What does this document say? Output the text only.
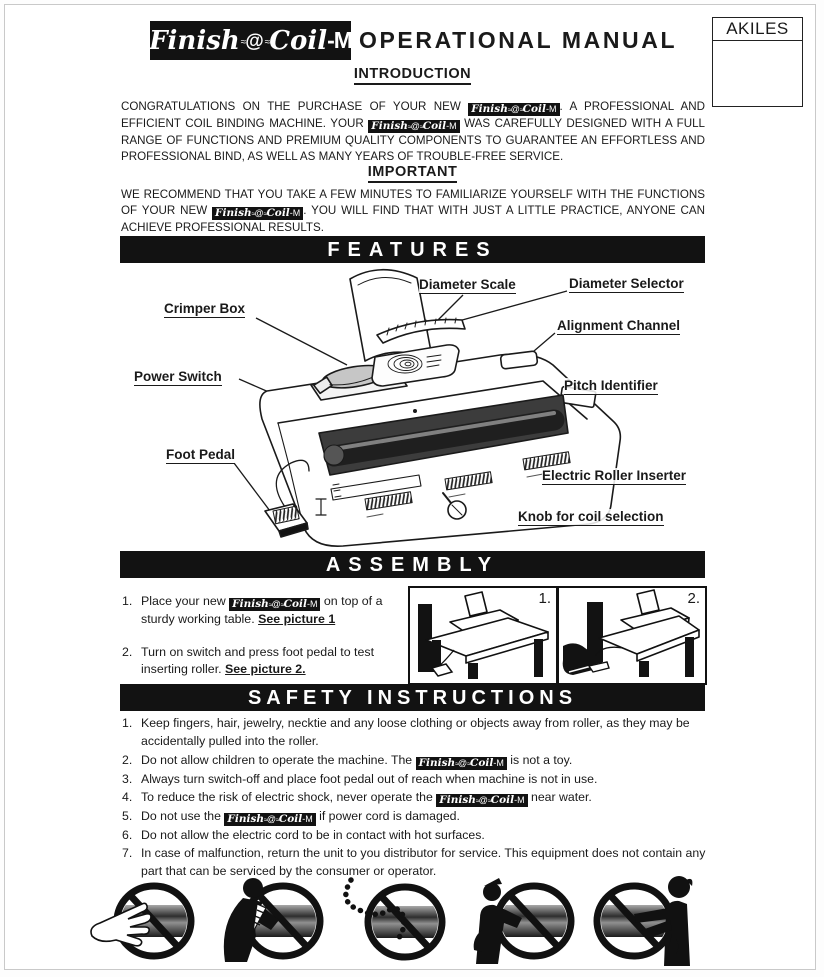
Finish ≈ @ ≈ Coil -M OPERATIONAL MANUAL	AKILES
INTRODUCTION
CONGRATULATIONS ON THE PURCHASE OF YOUR NEW Finish≈@≈Coil-M . A PROFESSIONAL AND EFFICIENT COIL BINDING MACHINE. YOUR Finish≈@≈Coil-M WAS CAREFULLY DESIGNED WITH A FULL RANGE OF FUNCTIONS AND PREMIUM QUALITY COMPONENTS TO GUARANTEE AN EFFORTLESS AND PROFESSIONAL BIND, AS WELL AS MANY YEARS OF TROUBLE-FREE SERVICE.
IMPORTANT
WE RECOMMEND THAT YOU TAKE A FEW MINUTES TO FAMILIARIZE YOURSELF WITH THE FUNCTIONS OF YOUR NEW Finish≈@≈Coil-M . YOU WILL FIND THAT WITH JUST A LITTLE PRACTICE, ANYONE CAN ACHIEVE PROFESSIONAL RESULTS.
FEATURES
Crimper Box
Diameter Scale	Diameter Selector
Alignment Channel
Power Switch
Pitch Identifier
Foot Pedal
Electric Roller Inserter
Knob for coil selection
ASSEMBLY
1. Place your new Finish≈@≈Coil-M on top of a sturdy working table. See picture 1
2. Turn on switch and press foot pedal to test inserting roller. See picture 2.
1.	2.
SAFETY INSTRUCTIONS
1. Keep fingers, hair, jewelry, necktie and any loose clothing or objects away from roller, as they may be accidentally pulled into the roller.
2. Do not allow children to operate the machine. The Finish≈@≈Coil-M is not a toy.
3. Always turn switch-off and place foot pedal out of reach when machine is not in use.
4. To reduce the risk of electric shock, never operate the Finish≈@≈Coil-M near water.
5. Do not use the Finish≈@≈Coil-M if power cord is damaged.
6. Do not allow the electric cord to be in contact with hot surfaces.
7. In case of malfunction, return the unit to you distributor for service. This equipment does not contain any part that can be serviced by the consumer or operator.
